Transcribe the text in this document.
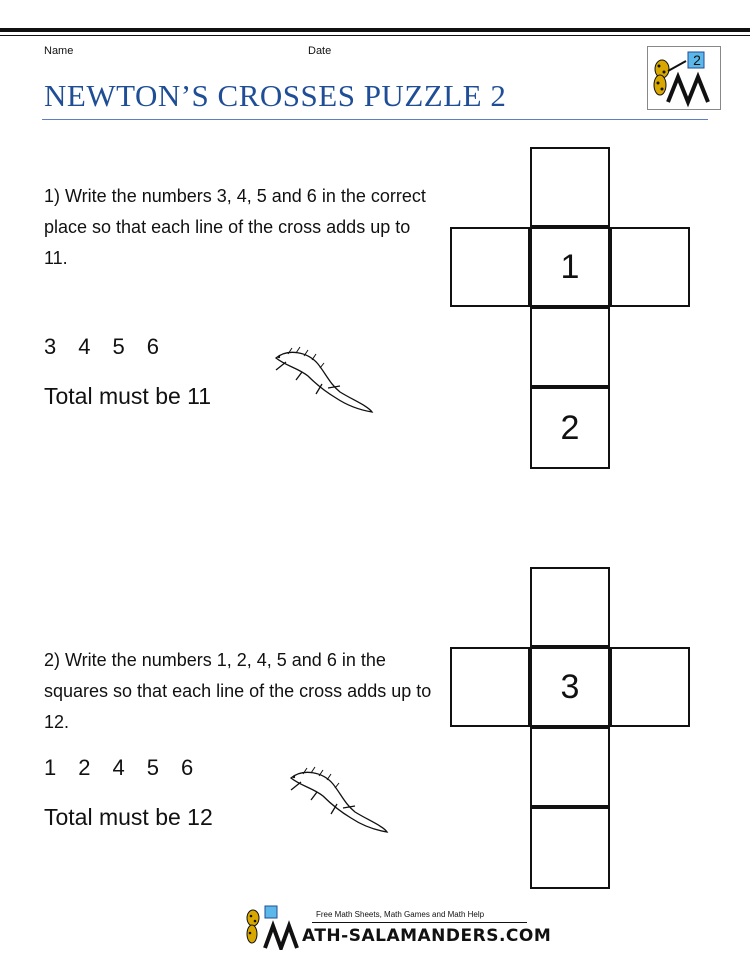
Name	Date
NEWTON’S CROSSES PUZZLE 2
2
1) Write the numbers 3, 4, 5 and 6 in the correct place so that each line of the cross adds up to 11.
3 4 5 6
Total must be 11
1
2
2) Write the numbers 1, 2, 4, 5 and 6 in the squares so that each line of the cross adds up to 12.
1 2 4 5 6
Total must be 12
3
Free Math Sheets, Math Games and Math Help
ATH-SALAMANDERS.COM
